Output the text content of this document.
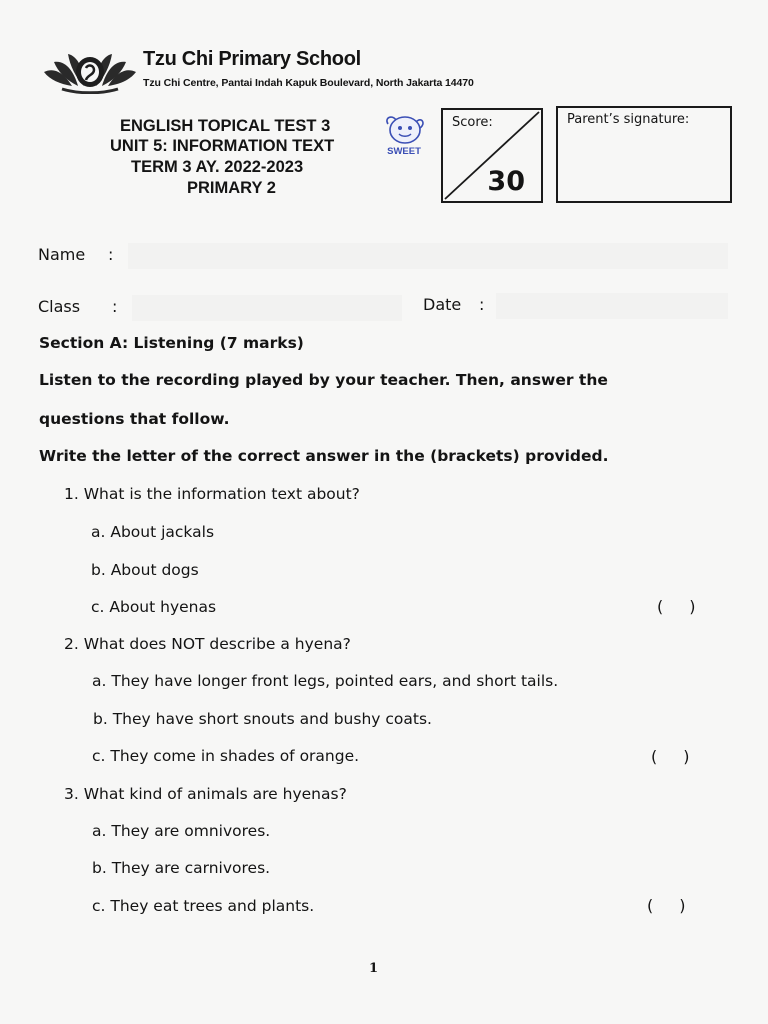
Tzu Chi Primary School
Tzu Chi Centre, Pantai Indah Kapuk Boulevard, North Jakarta 14470
ENGLISH TOPICAL TEST 3
UNIT 5: INFORMATION TEXT
TERM 3 AY. 2022-2023
PRIMARY 2
SWEET
Score:
30
Parent’s signature:
Name :
Class :	Date :
Section A: Listening (7 marks)
Listen to the recording played by your teacher. Then, answer the
questions that follow.
Write the letter of the correct answer in the (brackets) provided.
1. What is the information text about?
a. About jackals
b. About dogs
c. About hyenas	( )
2. What does NOT describe a hyena?
a. They have longer front legs, pointed ears, and short tails.
b. They have short snouts and bushy coats.
c. They come in shades of orange.	( )
3. What kind of animals are hyenas?
a. They are omnivores.
b. They are carnivores.
c. They eat trees and plants.	( )
1
